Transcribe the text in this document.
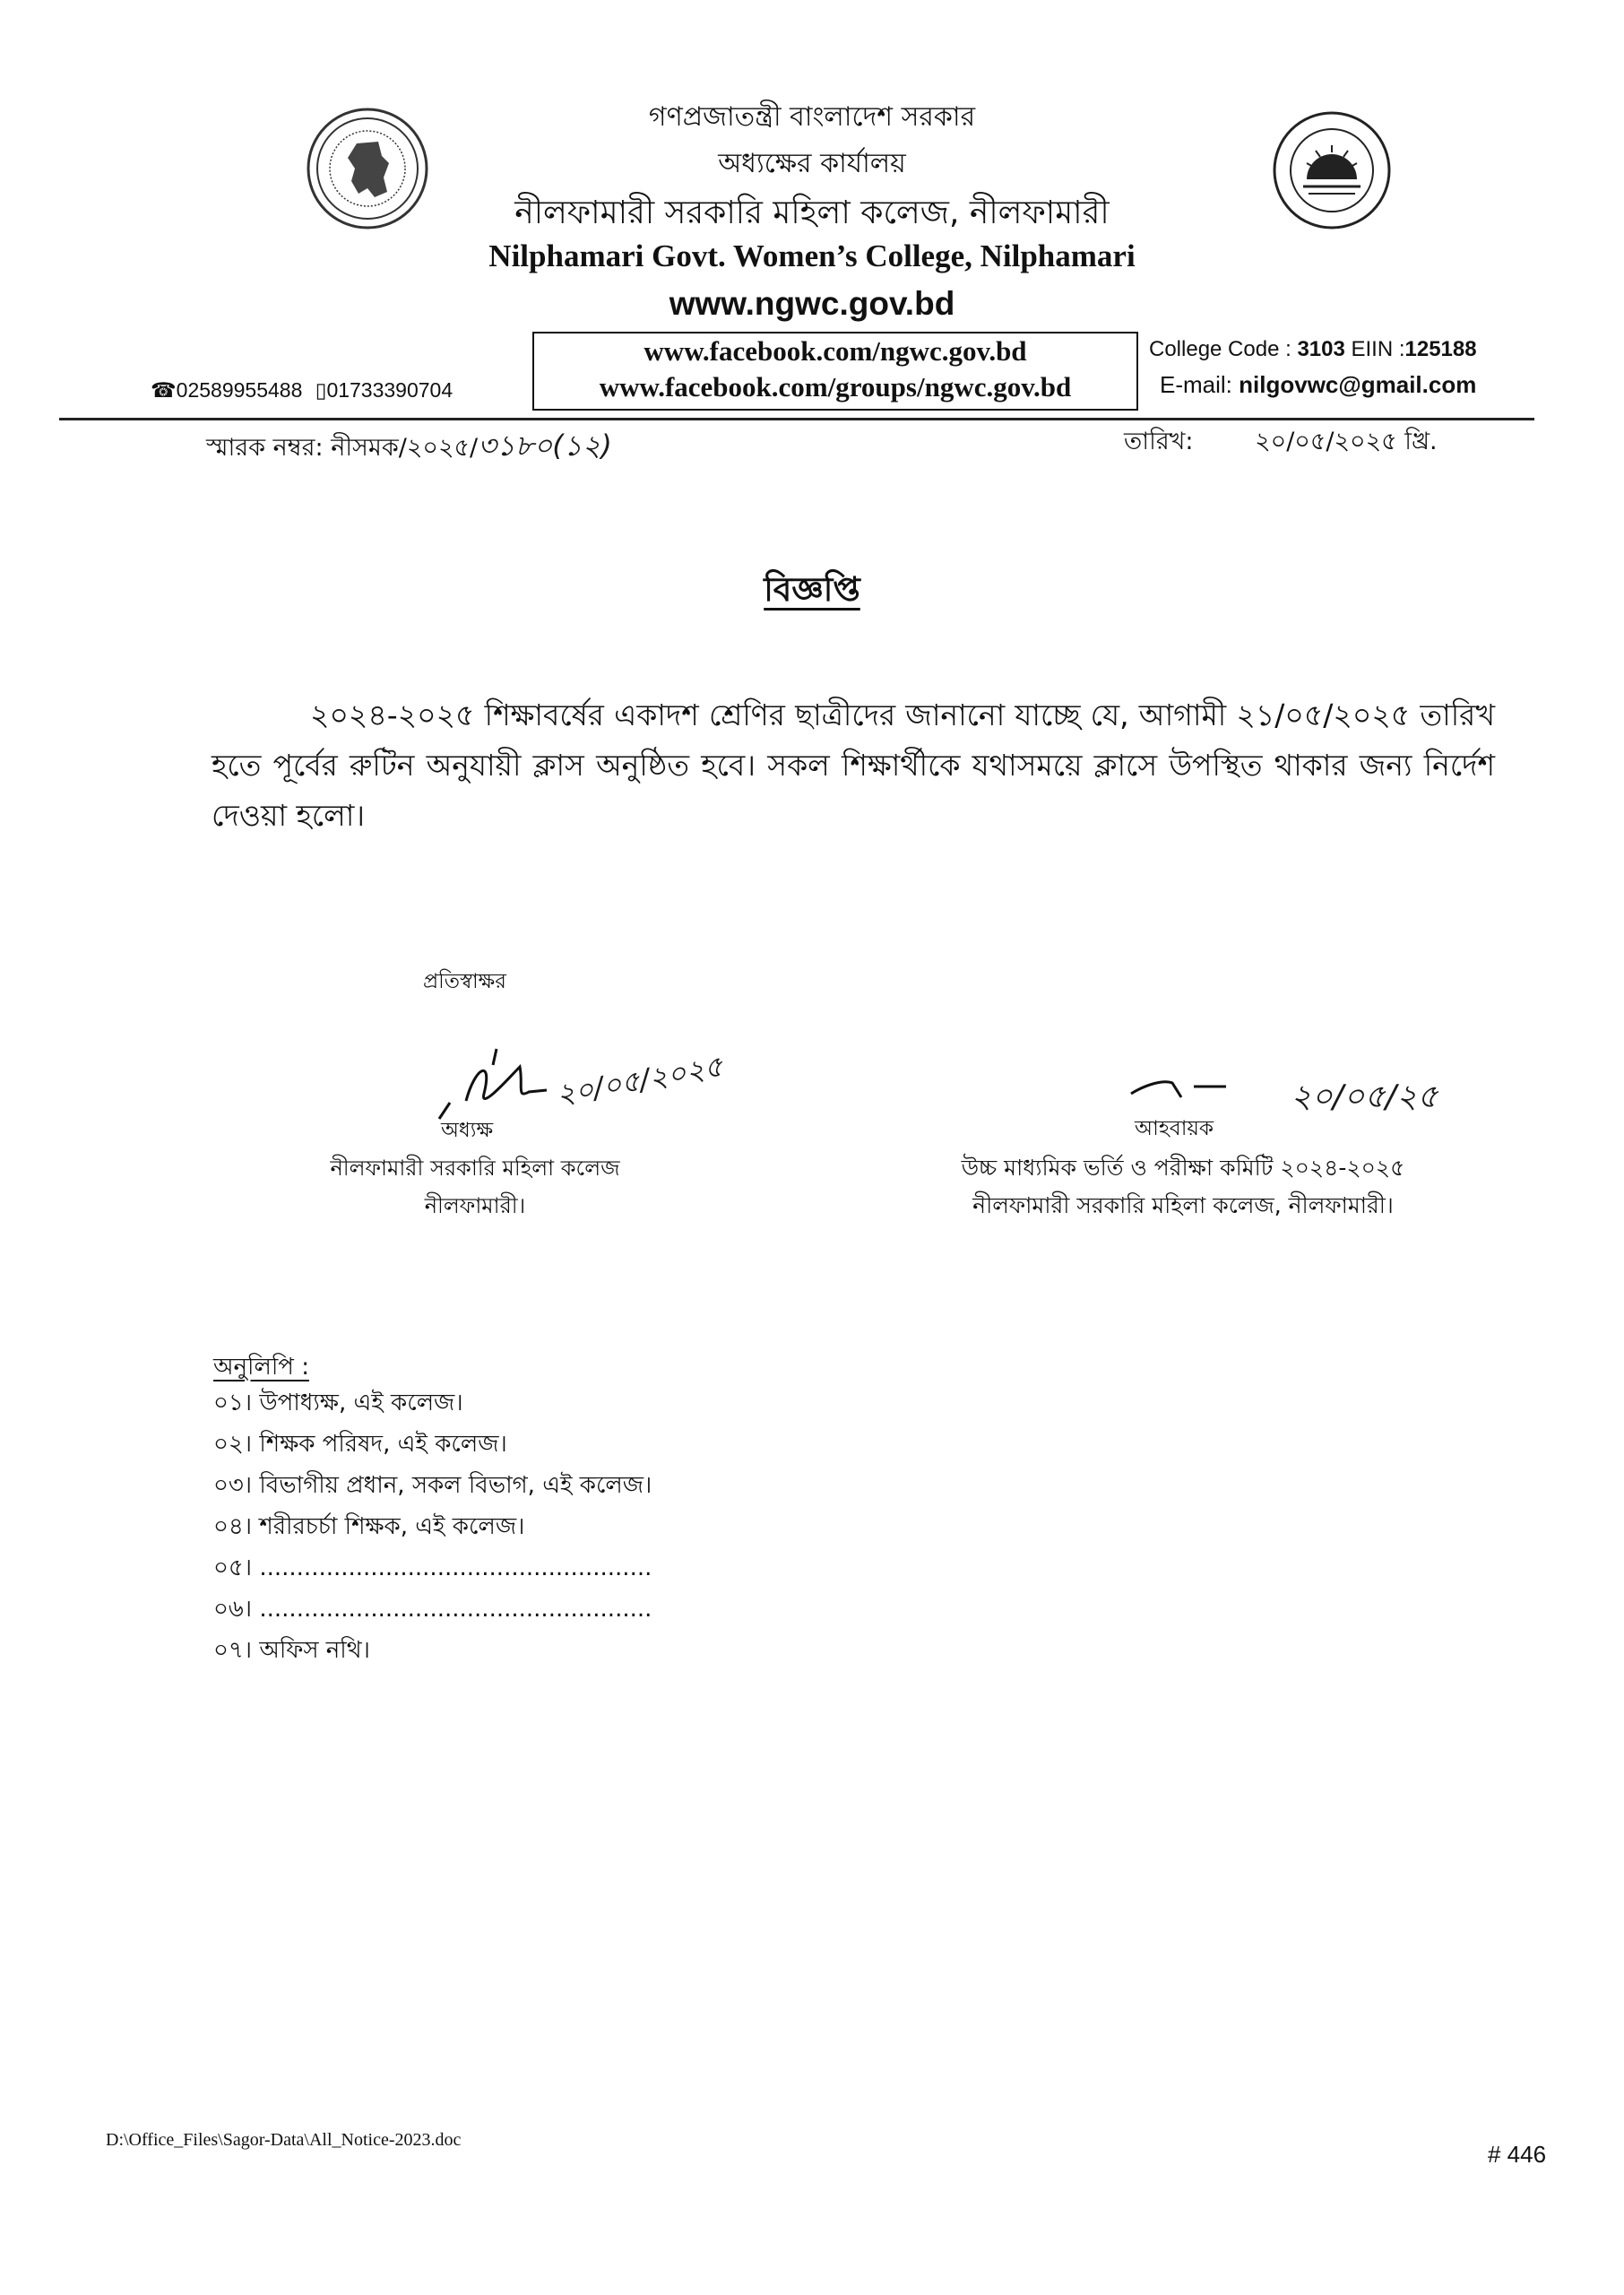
গণপ্রজাতন্ত্রী বাংলাদেশ সরকার
অধ্যক্ষের কার্যালয়
নীলফামারী সরকারি মহিলা কলেজ, নীলফামারী
Nilphamari Govt. Women’s College, Nilphamari
www.ngwc.gov.bd
www.facebook.com/ngwc.gov.bd
www.facebook.com/groups/ngwc.gov.bd
☎02589955488 ▯01733390704
College Code : 3103 EIIN :125188
E-mail: nilgovwc@gmail.com
স্মারক নম্বর: নীসমক/২০২৫/৩১৮০(১২)	তারিখ:	২০/০৫/২০২৫ খ্রি.
বিজ্ঞপ্তি
২০২৪-২০২৫ শিক্ষাবর্ষের একাদশ শ্রেণির ছাত্রীদের জানানো যাচ্ছে যে, আগামী ২১/০৫/২০২৫ তারিখ হতে পূর্বের রুটিন অনুযায়ী ক্লাস অনুষ্ঠিত হবে। সকল শিক্ষার্থীকে যথাসময়ে ক্লাসে উপস্থিত থাকার জন্য নির্দেশ দেওয়া হলো।
প্রতিস্বাক্ষর
২০/০৫/২০২৫
অধ্যক্ষ
নীলফামারী সরকারি মহিলা কলেজ
নীলফামারী।
২০/০৫/২৫
আহবায়ক
উচ্চ মাধ্যমিক ভর্তি ও পরীক্ষা কমিটি ২০২৪-২০২৫
নীলফামারী সরকারি মহিলা কলেজ, নীলফামারী।
অনুলিপি :
০১। উপাধ্যক্ষ, এই কলেজ।
০২। শিক্ষক পরিষদ, এই কলেজ।
০৩। বিভাগীয় প্রধান, সকল বিভাগ, এই কলেজ।
০৪। শরীরচর্চা শিক্ষক, এই কলেজ।
০৫। .....................................................
০৬। .....................................................
০৭। অফিস নথি।
D:\Office_Files\Sagor-Data\All_Notice-2023.doc
# 446
